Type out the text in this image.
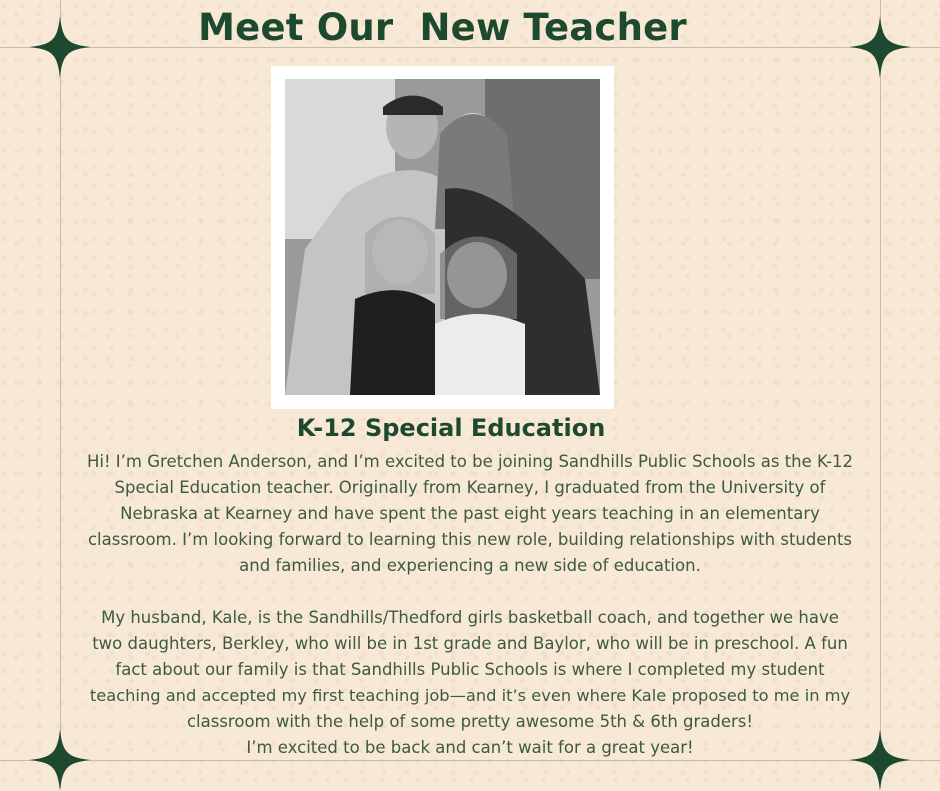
Meet Our  New Teacher
K-12 Special Education

Hi! I’m Gretchen Anderson, and I’m excited to be joining Sandhills Public Schools as the K-12
Special Education teacher. Originally from Kearney, I graduated from the University of
Nebraska at Kearney and have spent the past eight years teaching in an elementary
classroom. I’m looking forward to learning this new role, building relationships with students
and families, and experiencing a new side of education.

My husband, Kale, is the Sandhills/Thedford girls basketball coach, and together we have
two daughters, Berkley, who will be in 1st grade and Baylor, who will be in preschool. A fun
fact about our family is that Sandhills Public Schools is where I completed my student
teaching and accepted my first teaching job—and it’s even where Kale proposed to me in my
classroom with the help of some pretty awesome 5th & 6th graders!
I’m excited to be back and can’t wait for a great year!
